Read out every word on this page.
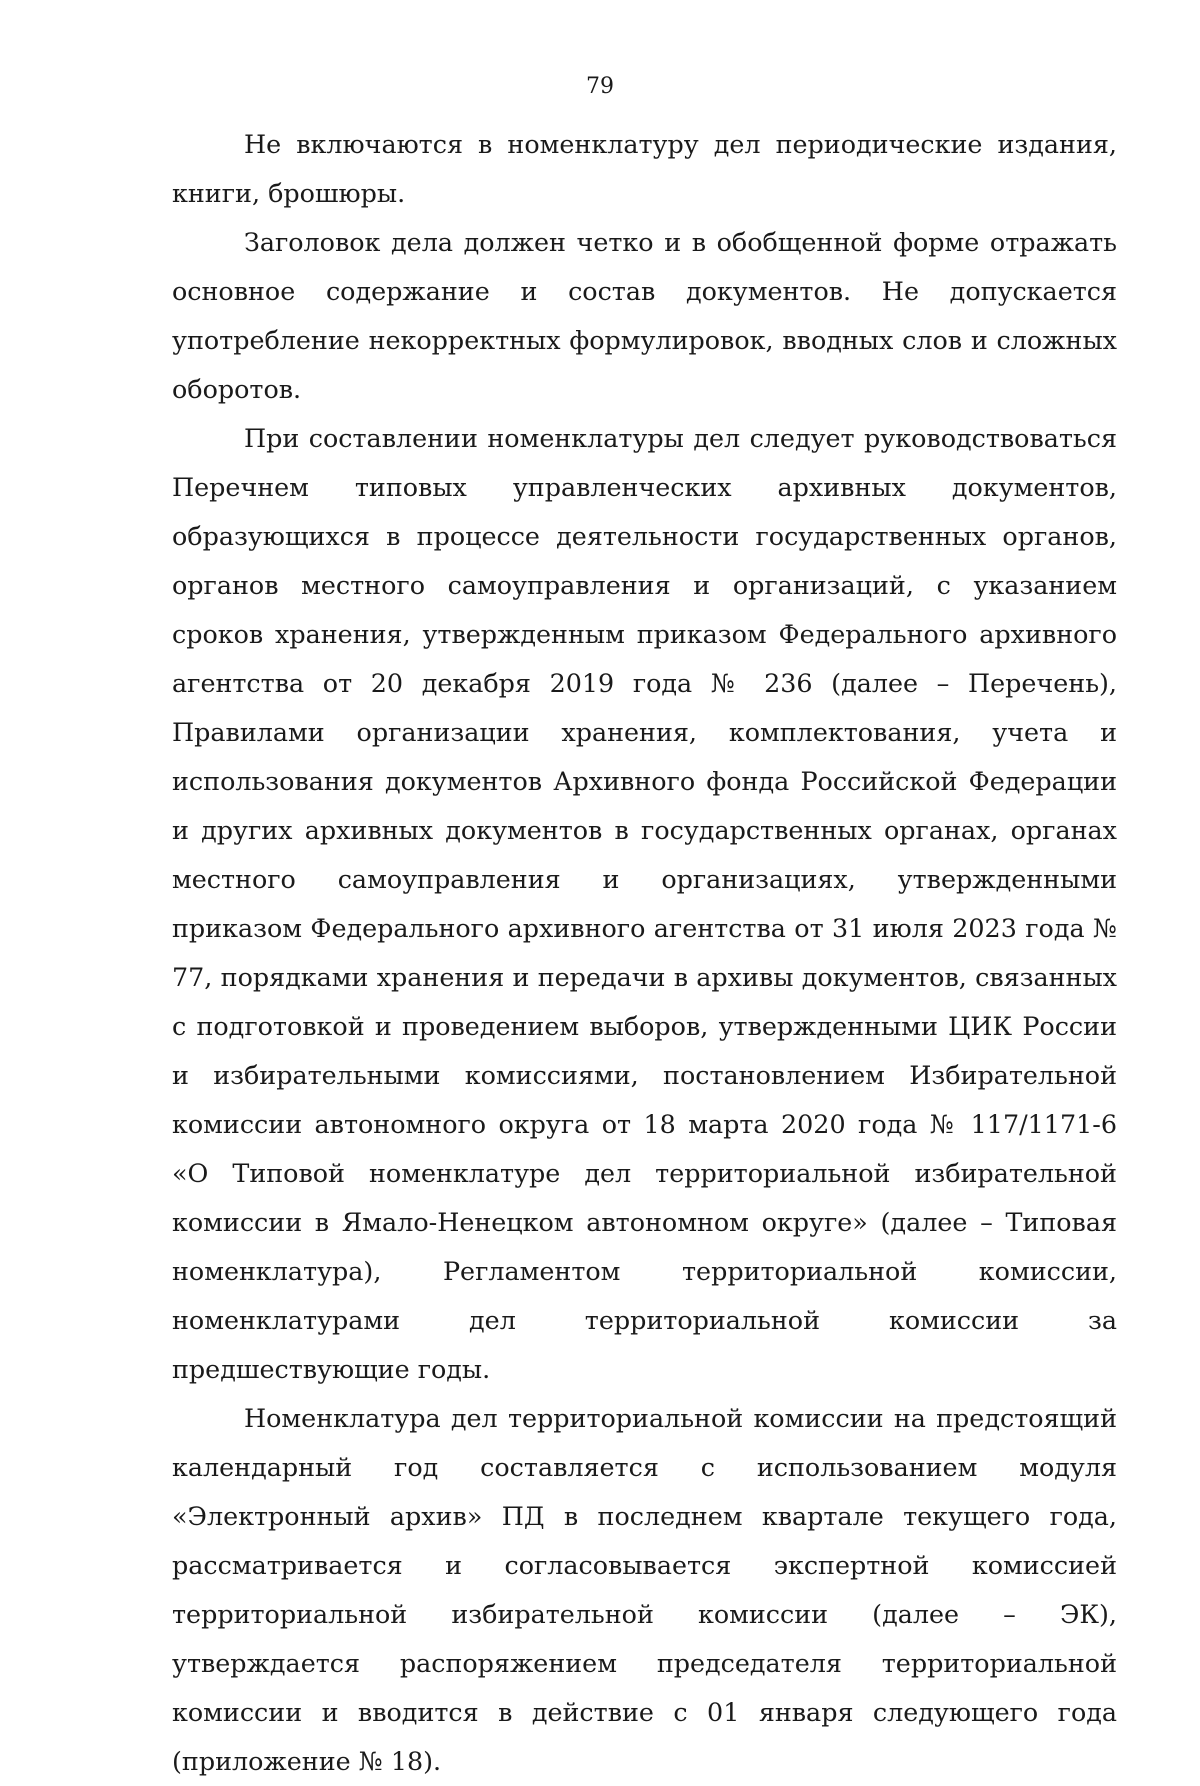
79

Не включаются в номенклатуру дел периодические издания, книги, брошюры.

Заголовок дела должен четко и в обобщенной форме отражать основное содержание и состав документов. Не допускается употребление некорректных формулировок, вводных слов и сложных оборотов.

При составлении номенклатуры дел следует руководствоваться Перечнем типовых управленческих архивных документов, образующихся в процессе деятельности государственных органов, органов местного самоуправления и организаций, с указанием сроков хранения, утвержденным приказом Федерального архивного агентства от 20 декабря 2019 года № 236 (далее – Перечень), Правилами организации хранения, комплектования, учета и использования документов Архивного фонда Российской Федерации и других архивных документов в государственных органах, органах местного самоуправления и организациях, утвержденными приказом Федерального архивного агентства от 31 июля 2023 года № 77, порядками хранения и передачи в архивы документов, связанных с подготовкой и проведением выборов, утвержденными ЦИК России и избирательными комиссиями, постановлением Избирательной комиссии автономного округа от 18 марта 2020 года № 117/1171-6 «О Типовой номенклатуре дел территориальной избирательной комиссии в Ямало-Ненецком автономном округе» (далее – Типовая номенклатура), Регламентом территориальной комиссии, номенклатурами дел территориальной комиссии за предшествующие годы.

Номенклатура дел территориальной комиссии на предстоящий календарный год составляется с использованием модуля «Электронный архив» ПД в последнем квартале текущего года, рассматривается и согласовывается экспертной комиссией территориальной избирательной комиссии (далее – ЭК), утверждается распоряжением председателя территориальной комиссии и вводится в действие с 01 января следующего года (приложение № 18).
